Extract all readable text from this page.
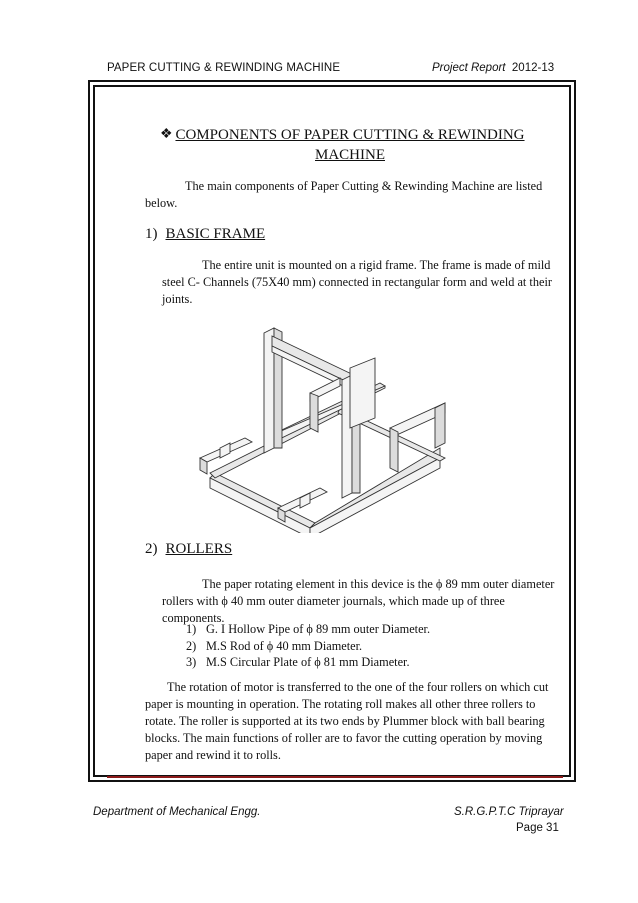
PAPER CUTTING & REWINDING MACHINE	Project Report 2012-13
❖ COMPONENTS OF PAPER CUTTING & REWINDING
MACHINE
The main components of Paper Cutting & Rewinding Machine are listed below.
1) BASIC FRAME
The entire unit is mounted on a rigid frame. The frame is made of mild steel C- Channels (75X40 mm) connected in rectangular form and weld at their joints.
2) ROLLERS
The paper rotating element in this device is the ϕ 89 mm outer diameter rollers with ϕ 40 mm outer diameter journals, which made up of three components.
1) G. I Hollow Pipe of ϕ 89 mm outer Diameter.
2) M.S Rod of ϕ 40 mm Diameter.
3) M.S Circular Plate of ϕ 81 mm Diameter.
The rotation of motor is transferred to the one of the four rollers on which cut paper is mounting in operation. The rotating roll makes all other three rollers to rotate. The roller is supported at its two ends by Plummer block with ball bearing blocks. The main functions of roller are to favor the cutting operation by moving paper and rewind it to rolls.
Department of Mechanical Engg.	S.R.G.P.T.C Triprayar
Page 31
